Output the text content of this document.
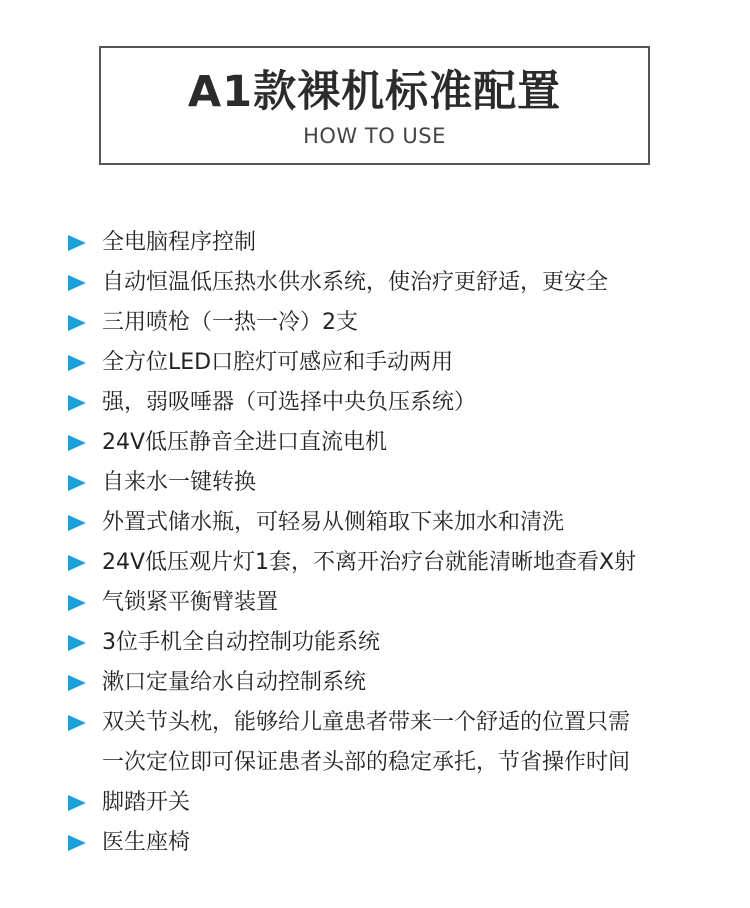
A1款裸机标准配置
HOW TO USE
全电脑程序控制
自动恒温低压热水供水系统，使治疗更舒适，更安全
三用喷枪（一热一冷）2支
全方位LED口腔灯可感应和手动两用
强，弱吸唾器（可选择中央负压系统）
24V低压静音全进口直流电机
自来水一键转换
外置式储水瓶，可轻易从侧箱取下来加水和清洗
24V低压观片灯1套，不离开治疗台就能清晰地查看X射
气锁紧平衡臂装置
3位手机全自动控制功能系统
漱口定量给水自动控制系统
双关节头枕，能够给儿童患者带来一个舒适的位置只需
一次定位即可保证患者头部的稳定承托，节省操作时间
脚踏开关
医生座椅
